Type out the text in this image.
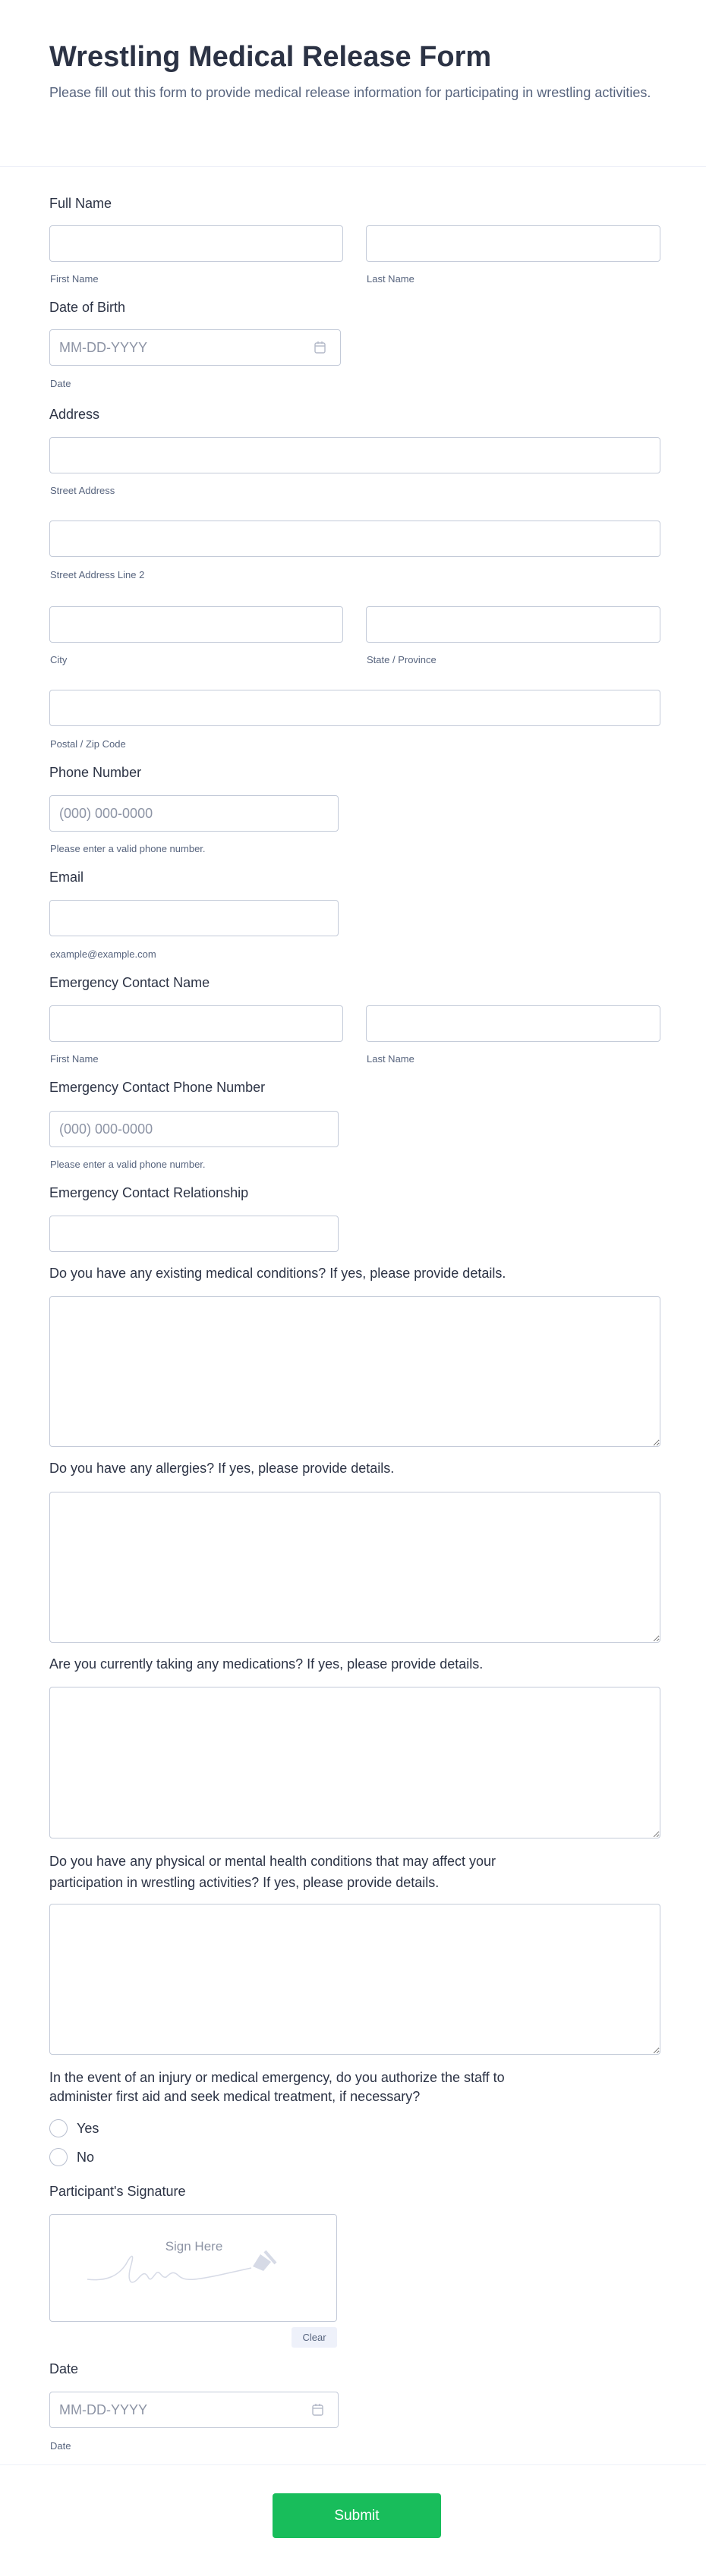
Wrestling Medical Release Form
Please fill out this form to provide medical release information for participating in wrestling activities.
Full Name
First Name	Last Name
Date of Birth
MM-DD-YYYY
Date
Address
Street Address
Street Address Line 2
City	State / Province
Postal / Zip Code
Phone Number
(000) 000-0000
Please enter a valid phone number.
Email
example@example.com
Emergency Contact Name
First Name	Last Name
Emergency Contact Phone Number
(000) 000-0000
Please enter a valid phone number.
Emergency Contact Relationship
Do you have any existing medical conditions? If yes, please provide details.
Do you have any allergies? If yes, please provide details.
Are you currently taking any medications? If yes, please provide details.
Do you have any physical or mental health conditions that may affect your
participation in wrestling activities? If yes, please provide details.
In the event of an injury or medical emergency, do you authorize the staff to
administer first aid and seek medical treatment, if necessary?
Yes
No
Participant's Signature
Sign Here
Clear
Date
MM-DD-YYYY
Date
Submit
